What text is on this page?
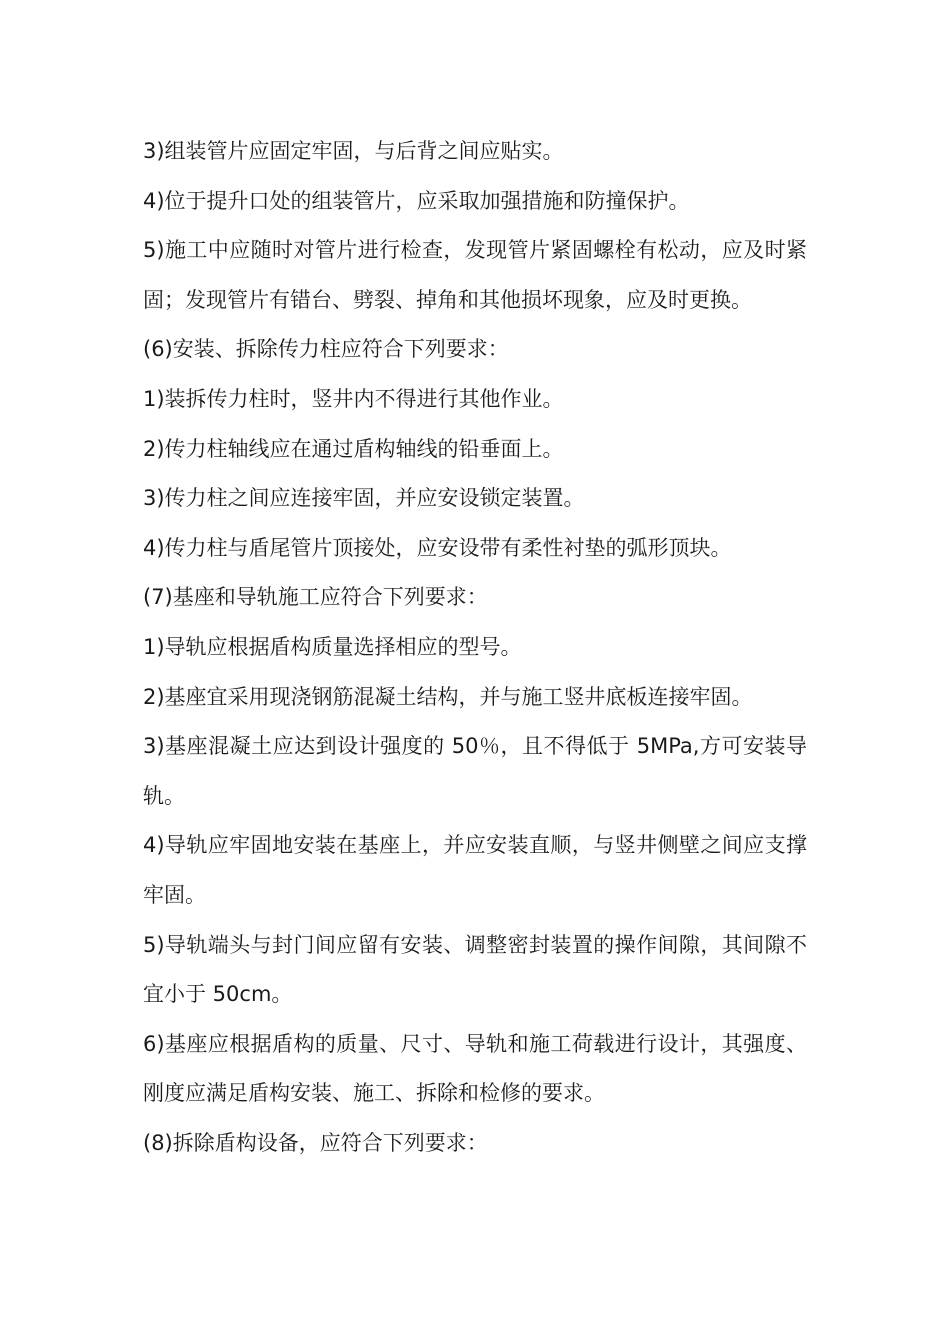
3)组装管片应固定牢固，与后背之间应贴实。

4)位于提升口处的组装管片，应采取加强措施和防撞保护。

5)施工中应随时对管片进行检查，发现管片紧固螺栓有松动，应及时紧固；发现管片有错台、劈裂、掉角和其他损坏现象，应及时更换。

(6)安装、拆除传力柱应符合下列要求：

1)装拆传力柱时，竖井内不得进行其他作业。

2)传力柱轴线应在通过盾构轴线的铅垂面上。

3)传力柱之间应连接牢固，并应安设锁定装置。

4)传力柱与盾尾管片顶接处，应安设带有柔性衬垫的弧形顶块。

(7)基座和导轨施工应符合下列要求：

1)导轨应根据盾构质量选择相应的型号。

2)基座宜采用现浇钢筋混凝土结构，并与施工竖井底板连接牢固。

3)基座混凝土应达到设计强度的 50％，且不得低于 5MPa,方可安装导轨。

4)导轨应牢固地安装在基座上，并应安装直顺，与竖井侧壁之间应支撑牢固。

5)导轨端头与封门间应留有安装、调整密封装置的操作间隙，其间隙不宜小于 50cm。

6)基座应根据盾构的质量、尺寸、导轨和施工荷载进行设计，其强度、刚度应满足盾构安装、施工、拆除和检修的要求。

(8)拆除盾构设备，应符合下列要求：
